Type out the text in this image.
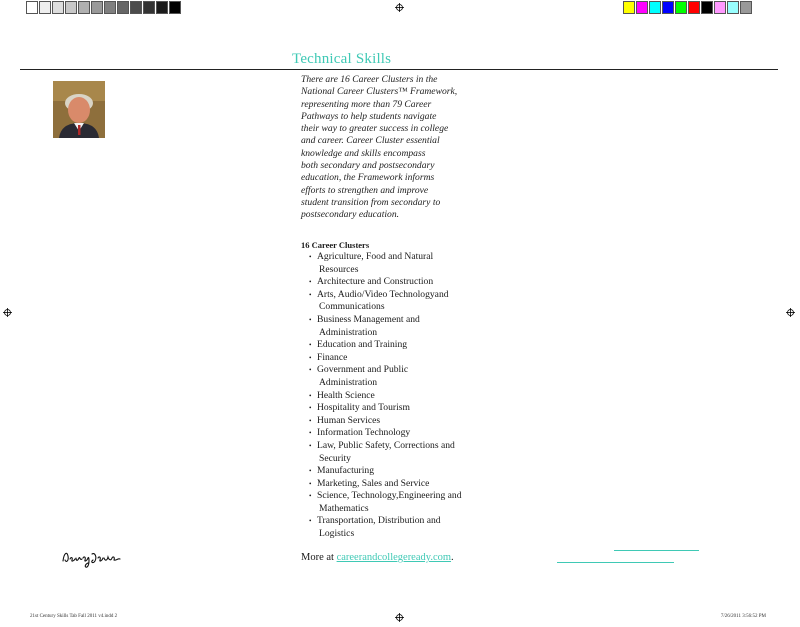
Technical Skills

There are 16 Career Clusters in the

National Career Clusters™ Framework,

representing more than 79 Career

Pathways to help students navigate

their way to greater success in college

and career. Career Cluster essential

knowledge and skills encompass

both secondary and postsecondary

education, the Framework informs

efforts to strengthen and improve

student transition from secondary to

postsecondary education.

16 Career Clusters
• Agriculture, Food and Natural
Resources
• Architecture and Construction
• Arts, Audio/Video Technologyand
Communications
• Business Management and
Administration
• Education and Training
• Finance
• Government and Public
Administration
• Health Science
• Hospitality and Tourism
• Human Services
• Information Technology
• Law, Public Safety, Corrections and
Security
• Manufacturing
• Marketing, Sales and Service
• Science, Technology,Engineering and
Mathematics
• Transportation, Distribution and
Logistics
More at careerandcollegeready.com.
21st Century Skills Tab Fall 2011 v4.indd 2	7/26/2011 3:56:52 PM
